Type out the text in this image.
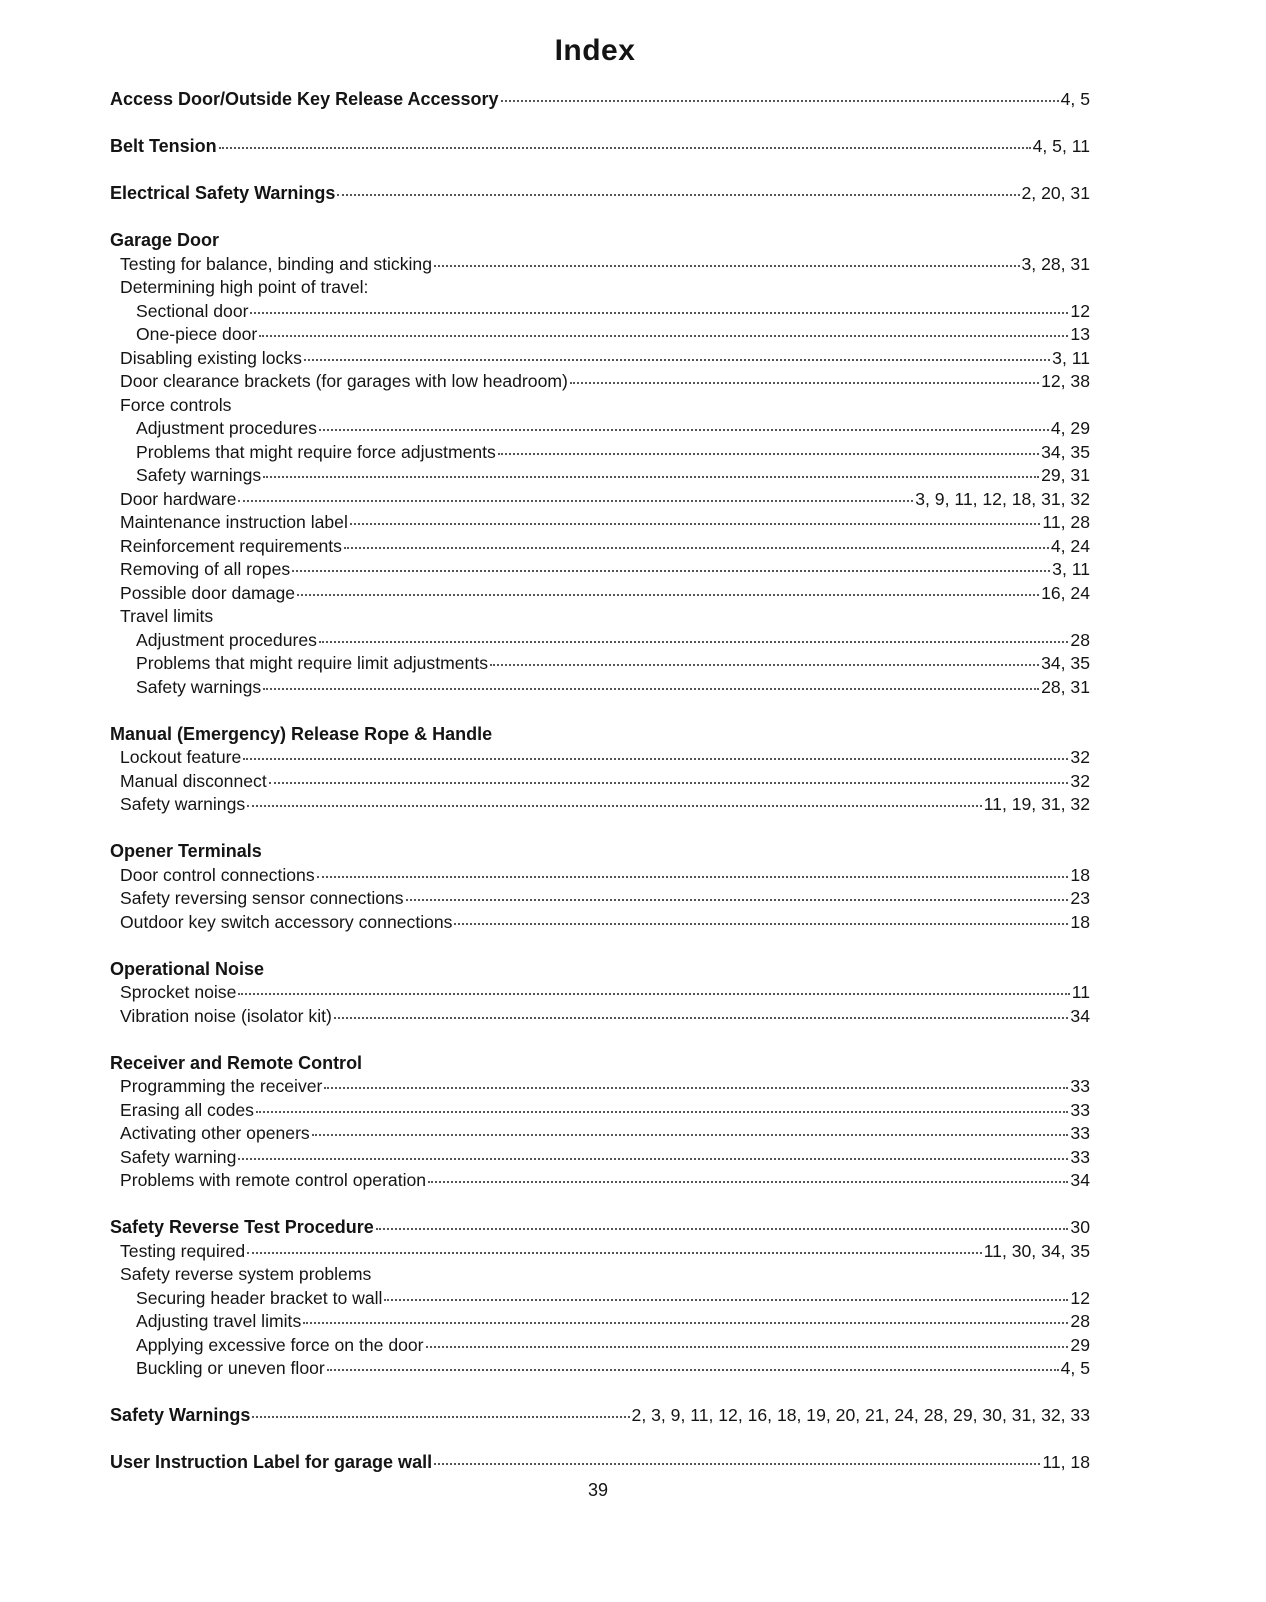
Index
Access Door/Outside Key Release Accessory	4, 5
Belt Tension	4, 5, 11
Electrical Safety Warnings	2, 20, 31
Garage Door
Testing for balance, binding and sticking	3, 28, 31
Determining high point of travel:
Sectional door	12
One-piece door	13
Disabling existing locks	3, 11
Door clearance brackets (for garages with low headroom)	12, 38
Force controls
Adjustment procedures	4, 29
Problems that might require force adjustments	34, 35
Safety warnings	29, 31
Door hardware	3, 9, 11, 12, 18, 31, 32
Maintenance instruction label	11, 28
Reinforcement requirements	4, 24
Removing of all ropes	3, 11
Possible door damage	16, 24
Travel limits
Adjustment procedures	28
Problems that might require limit adjustments	34, 35
Safety warnings	28, 31
Manual (Emergency) Release Rope & Handle
Lockout feature	32
Manual disconnect	32
Safety warnings	11, 19, 31, 32
Opener Terminals
Door control connections	18
Safety reversing sensor connections	23
Outdoor key switch accessory connections	18
Operational Noise
Sprocket noise	11
Vibration noise (isolator kit)	34
Receiver and Remote Control
Programming the receiver	33
Erasing all codes	33
Activating other openers	33
Safety warning	33
Problems with remote control operation	34
Safety Reverse Test Procedure	30
Testing required	11, 30, 34, 35
Safety reverse system problems
Securing header bracket to wall	12
Adjusting travel limits	28
Applying excessive force on the door	29
Buckling or uneven floor	4, 5
Safety Warnings	2, 3, 9, 11, 12, 16, 18, 19, 20, 21, 24, 28, 29, 30, 31, 32, 33
User Instruction Label for garage wall	11, 18
39
